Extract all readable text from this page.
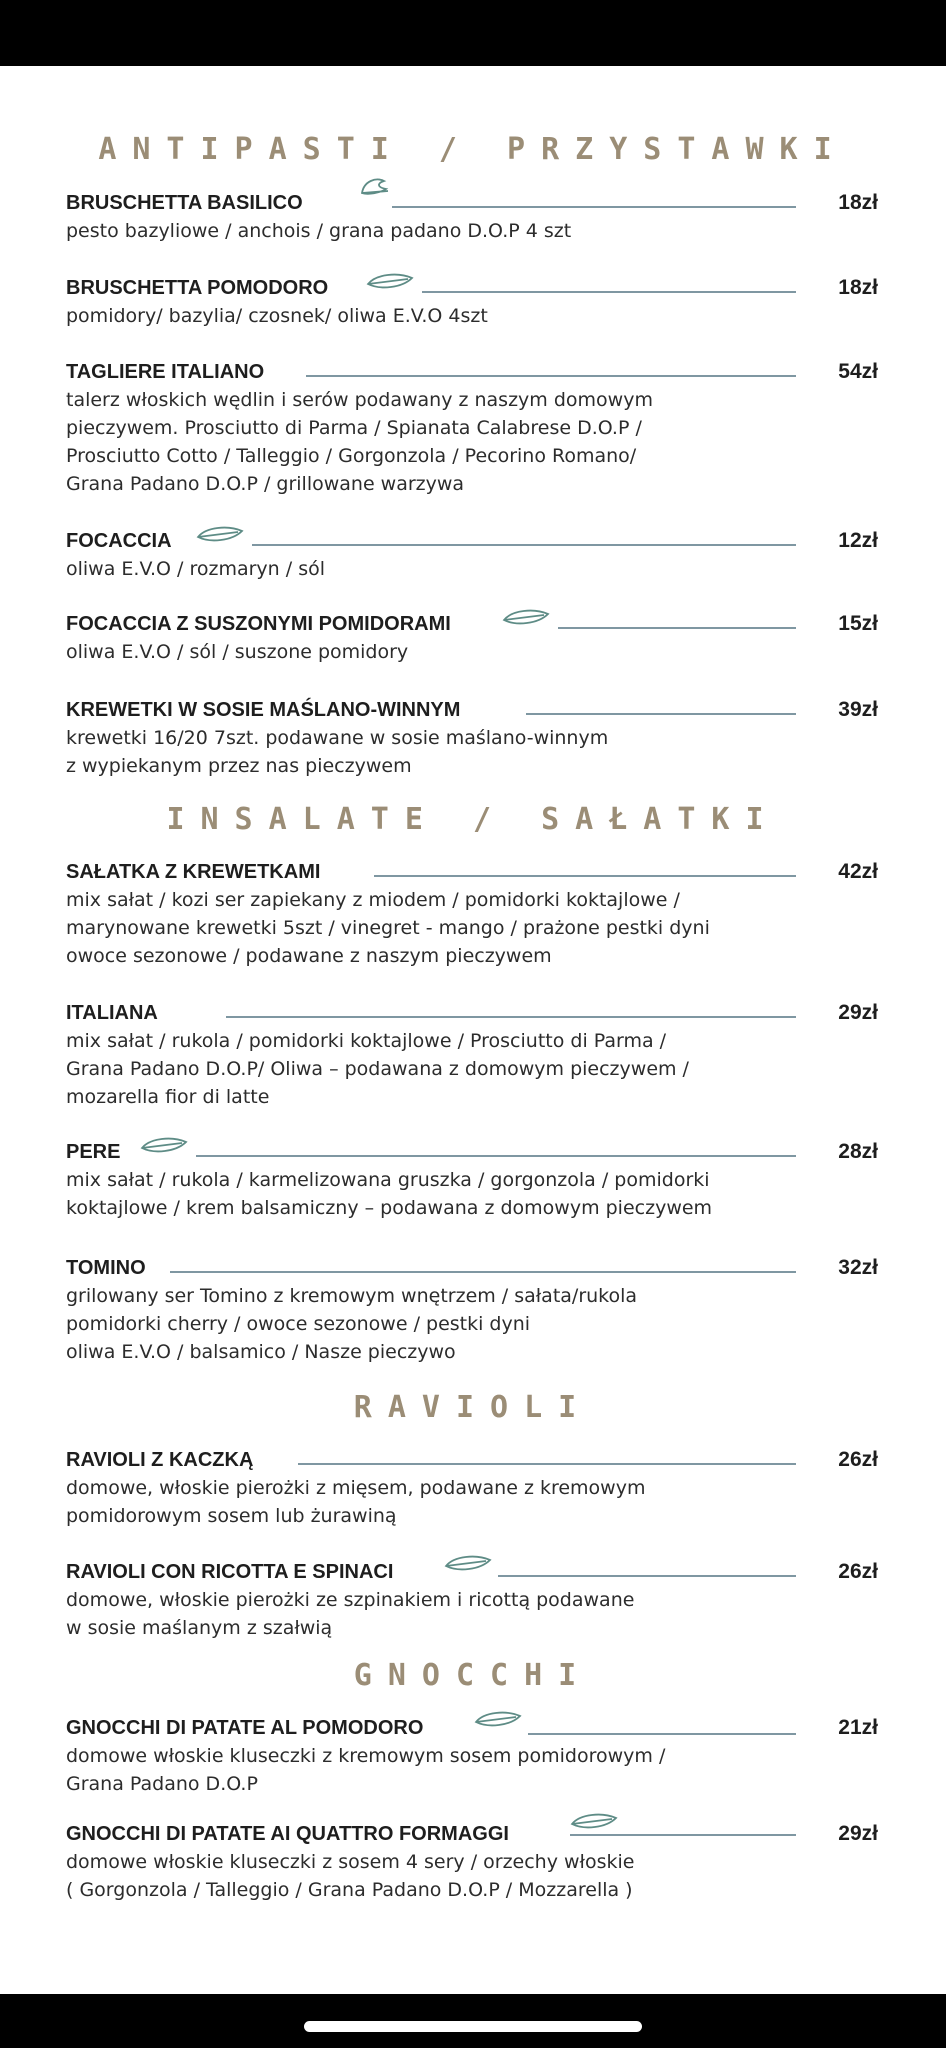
ANTIPASTI / PRZYSTAWKI
BRUSCHETTA BASILICO	18zł
pesto bazyliowe / anchois / grana padano D.O.P 4 szt
BRUSCHETTA POMODORO	18zł
pomidory/ bazylia/ czosnek/ oliwa E.V.O 4szt
TAGLIERE ITALIANO	54zł
talerz włoskich wędlin i serów podawany z naszym domowym
pieczywem. Prosciutto di Parma / Spianata Calabrese D.O.P /
Prosciutto Cotto / Talleggio / Gorgonzola / Pecorino Romano/
Grana Padano D.O.P / grillowane warzywa
FOCACCIA	12zł
oliwa E.V.O / rozmaryn / sól
FOCACCIA Z SUSZONYMI POMIDORAMI	15zł
oliwa E.V.O / sól / suszone pomidory
KREWETKI W SOSIE MAŚLANO-WINNYM	39zł
krewetki 16/20 7szt. podawane w sosie maślano-winnym
z wypiekanym przez nas pieczywem
INSALATE / SAŁATKI
SAŁATKA Z KREWETKAMI	42zł
mix sałat / kozi ser zapiekany z miodem / pomidorki koktajlowe /
marynowane krewetki 5szt / vinegret - mango / prażone pestki dyni
owoce sezonowe / podawane z naszym pieczywem
ITALIANA	29zł
mix sałat / rukola / pomidorki koktajlowe / Prosciutto di Parma /
Grana Padano D.O.P/ Oliwa – podawana z domowym pieczywem /
mozarella fior di latte
PERE	28zł
mix sałat / rukola / karmelizowana gruszka / gorgonzola / pomidorki
koktajlowe / krem balsamiczny – podawana z domowym pieczywem
TOMINO	32zł
grilowany ser Tomino z kremowym wnętrzem / sałata/rukola
pomidorki cherry / owoce sezonowe / pestki dyni
oliwa E.V.O / balsamico / Nasze pieczywo
RAVIOLI
RAVIOLI Z KACZKĄ	26zł
domowe, włoskie pierożki z mięsem, podawane z kremowym
pomidorowym sosem lub żurawiną
RAVIOLI CON RICOTTA E SPINACI	26zł
domowe, włoskie pierożki ze szpinakiem i ricottą podawane
w sosie maślanym z szałwią
GNOCCHI
GNOCCHI DI PATATE AL POMODORO	21zł
domowe włoskie kluseczki z kremowym sosem pomidorowym /
Grana Padano D.O.P
GNOCCHI DI PATATE AI QUATTRO FORMAGGI	29zł
domowe włoskie kluseczki z sosem 4 sery / orzechy włoskie
( Gorgonzola / Talleggio / Grana Padano D.O.P / Mozzarella )
